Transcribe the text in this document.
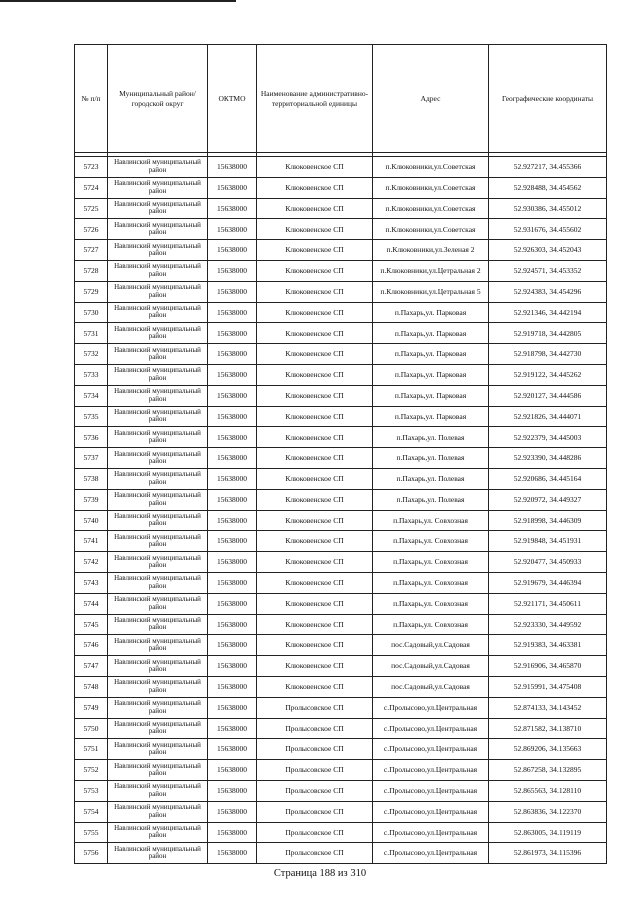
№ п/п	Муниципальный район/городской округ	ОКТМО	Наименование административно-территориальной единицы	Адрес	Географические координаты

5723	Навлинский муниципальный район	15638000	Клюковенское СП	п.Клюковники,ул.Советская	52.927217, 34.455366
5724	Навлинский муниципальный район	15638000	Клюковенское СП	п.Клюковники,ул.Советская	52.928488, 34.454562
5725	Навлинский муниципальный район	15638000	Клюковенское СП	п.Клюковники,ул.Советская	52.930386, 34.455012
5726	Навлинский муниципальный район	15638000	Клюковенское СП	п.Клюковники,ул.Советская	52.931676, 34.455602
5727	Навлинский муниципальный район	15638000	Клюковенское СП	п.Клюковники,ул.Зеленая 2	52.926303, 34.452043
5728	Навлинский муниципальный район	15638000	Клюковенское СП	п.Клюковники,ул.Цетральная 2	52.924571, 34.453352
5729	Навлинский муниципальный район	15638000	Клюковенское СП	п.Клюковники,ул.Цетральная 5	52.924383, 34.454296
5730	Навлинский муниципальный район	15638000	Клюковенское СП	п.Пахарь,ул. Парковая	52.921346, 34.442194
5731	Навлинский муниципальный район	15638000	Клюковенское СП	п.Пахарь,ул. Парковая	52.919718, 34.442805
5732	Навлинский муниципальный район	15638000	Клюковенское СП	п.Пахарь,ул. Парковая	52.918798, 34.442730
5733	Навлинский муниципальный район	15638000	Клюковенское СП	п.Пахарь,ул. Парковая	52.919122, 34.445262
5734	Навлинский муниципальный район	15638000	Клюковенское СП	п.Пахарь,ул. Парковая	52.920127, 34.444586
5735	Навлинский муниципальный район	15638000	Клюковенское СП	п.Пахарь,ул. Парковая	52.921826, 34.444071
5736	Навлинский муниципальный район	15638000	Клюковенское СП	п.Пахарь,ул. Полевая	52.922379, 34.445003
5737	Навлинский муниципальный район	15638000	Клюковенское СП	п.Пахарь,ул. Полевая	52.923390, 34.448286
5738	Навлинский муниципальный район	15638000	Клюковенское СП	п.Пахарь,ул. Полевая	52.920686, 34.445164
5739	Навлинский муниципальный район	15638000	Клюковенское СП	п.Пахарь,ул. Полевая	52.920972, 34.449327
5740	Навлинский муниципальный район	15638000	Клюковенское СП	п.Пахарь,ул. Совхозная	52.918998, 34.446309
5741	Навлинский муниципальный район	15638000	Клюковенское СП	п.Пахарь,ул. Совхозная	52.919848, 34.451931
5742	Навлинский муниципальный район	15638000	Клюковенское СП	п.Пахарь,ул. Совхозная	52.920477, 34.450933
5743	Навлинский муниципальный район	15638000	Клюковенское СП	п.Пахарь,ул. Совхозная	52.919679, 34.446394
5744	Навлинский муниципальный район	15638000	Клюковенское СП	п.Пахарь,ул. Совхозная	52.921171, 34.450611
5745	Навлинский муниципальный район	15638000	Клюковенское СП	п.Пахарь,ул. Совхозная	52.923330, 34.449592
5746	Навлинский муниципальный район	15638000	Клюковенское СП	пос.Садовый,ул.Садовая	52.919383, 34.463381
5747	Навлинский муниципальный район	15638000	Клюковенское СП	пос.Садовый,ул.Садовая	52.916906, 34.465870
5748	Навлинский муниципальный район	15638000	Клюковенское СП	пос.Садовый,ул.Садовая	52.915991, 34.475408
5749	Навлинский муниципальный район	15638000	Пролысовское СП	с.Пролысово,ул.Центральная	52.874133, 34.143452
5750	Навлинский муниципальный район	15638000	Пролысовское СП	с.Пролысово,ул.Центральная	52.871582, 34.138710
5751	Навлинский муниципальный район	15638000	Пролысовское СП	с.Пролысово,ул.Центральная	52.869206, 34.135663
5752	Навлинский муниципальный район	15638000	Пролысовское СП	с.Пролысово,ул.Центральная	52.867258, 34.132895
5753	Навлинский муниципальный район	15638000	Пролысовское СП	с.Пролысово,ул.Центральная	52.865563, 34.128110
5754	Навлинский муниципальный район	15638000	Пролысовское СП	с.Пролысово,ул.Центральная	52.863836, 34.122370
5755	Навлинский муниципальный район	15638000	Пролысовское СП	с.Пролысово,ул.Центральная	52.863005, 34.119119
5756	Навлинский муниципальный район	15638000	Пролысовское СП	с.Пролысово,ул.Центральная	52.861973, 34.115396
Страница 188 из 310
